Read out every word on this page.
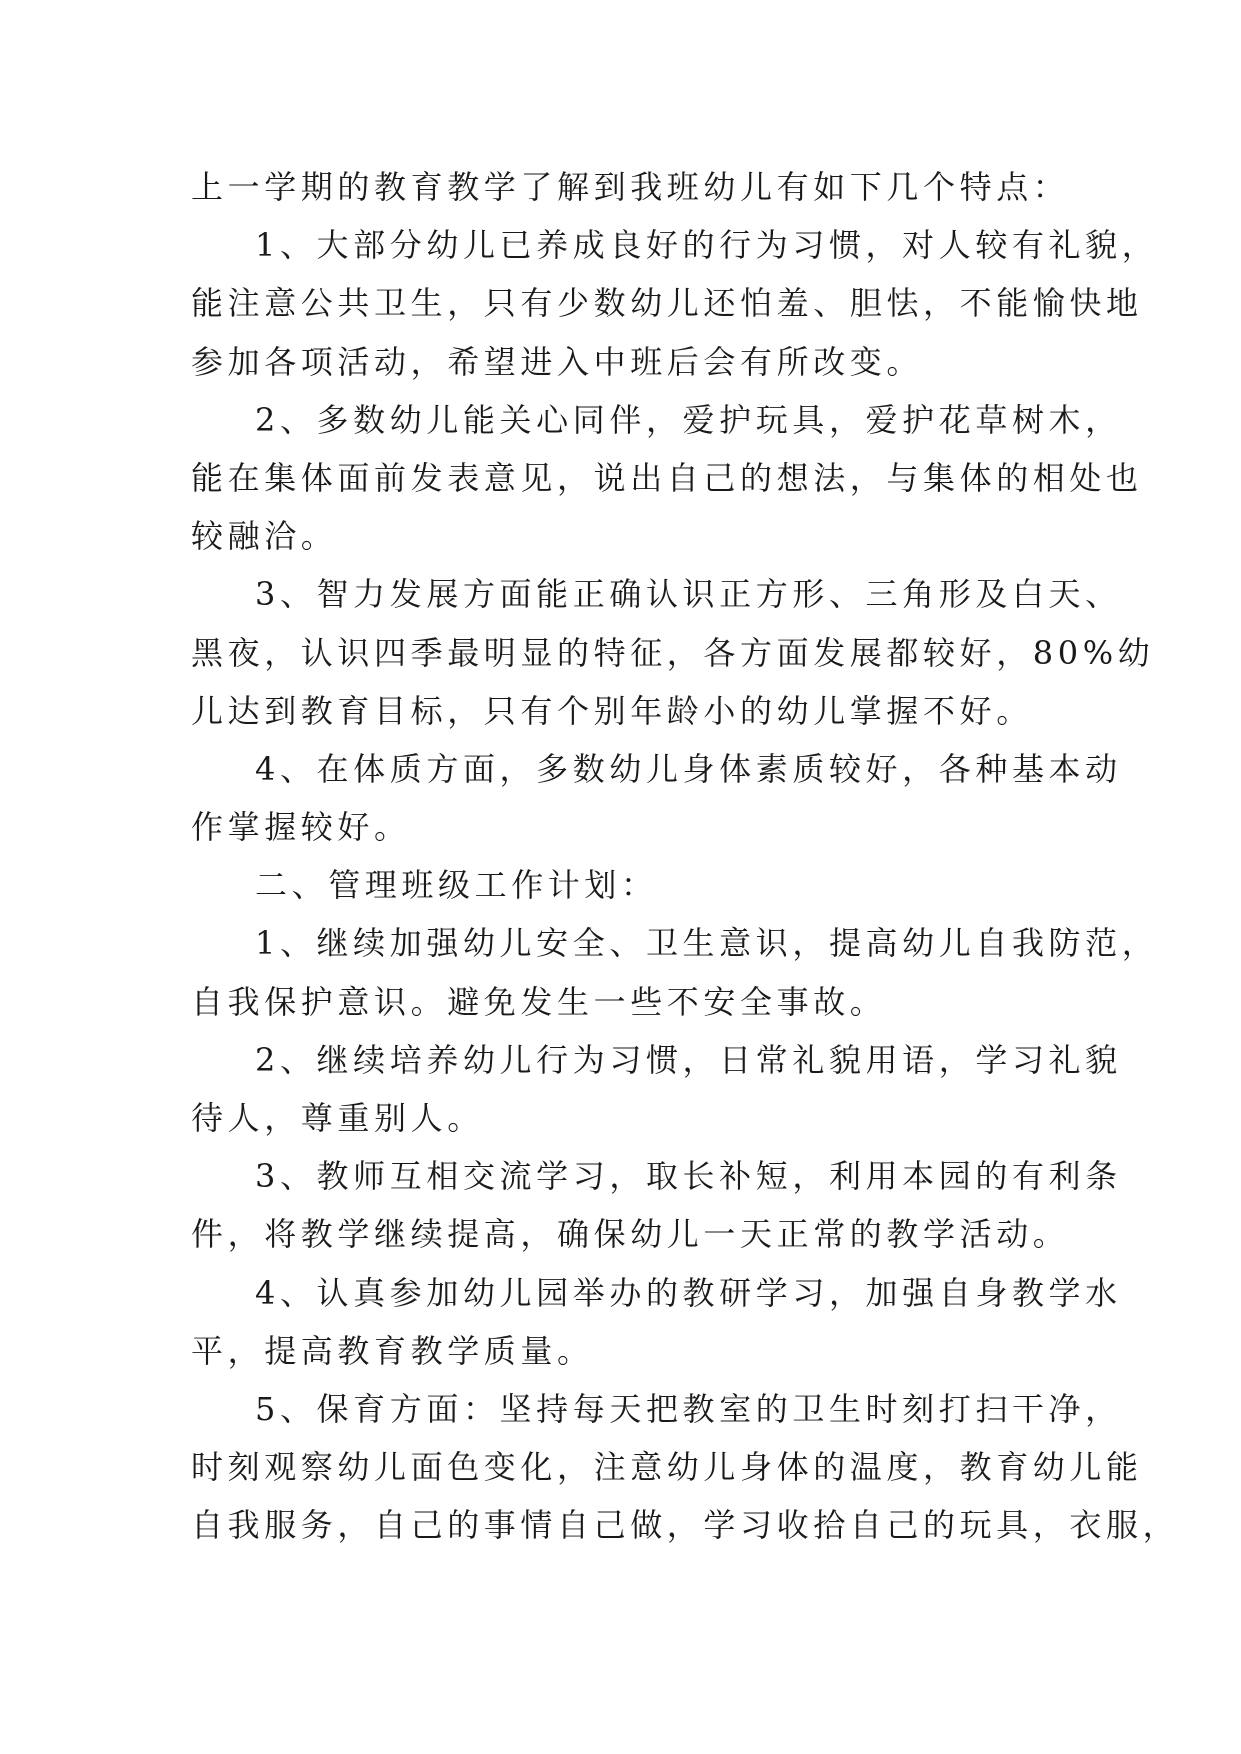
上一学期的教育教学了解到我班幼儿有如下几个特点：
1、大部分幼儿已养成良好的行为习惯，对人较有礼貌，
能注意公共卫生，只有少数幼儿还怕羞、胆怯，不能愉快地
参加各项活动，希望进入中班后会有所改变。
2、多数幼儿能关心同伴，爱护玩具，爱护花草树木，
能在集体面前发表意见，说出自己的想法，与集体的相处也
较融洽。
3、智力发展方面能正确认识正方形、三角形及白天、
黑夜，认识四季最明显的特征，各方面发展都较好，80%幼
儿达到教育目标，只有个别年龄小的幼儿掌握不好。
4、在体质方面，多数幼儿身体素质较好，各种基本动
作掌握较好。
二、管理班级工作计划：
1、继续加强幼儿安全、卫生意识，提高幼儿自我防范，
自我保护意识。避免发生一些不安全事故。
2、继续培养幼儿行为习惯，日常礼貌用语，学习礼貌
待人，尊重别人。
3、教师互相交流学习，取长补短，利用本园的有利条
件，将教学继续提高，确保幼儿一天正常的教学活动。
4、认真参加幼儿园举办的教研学习，加强自身教学水
平，提高教育教学质量。
5、保育方面：坚持每天把教室的卫生时刻打扫干净，
时刻观察幼儿面色变化，注意幼儿身体的温度，教育幼儿能
自我服务，自己的事情自己做，学习收拾自己的玩具，衣服，
